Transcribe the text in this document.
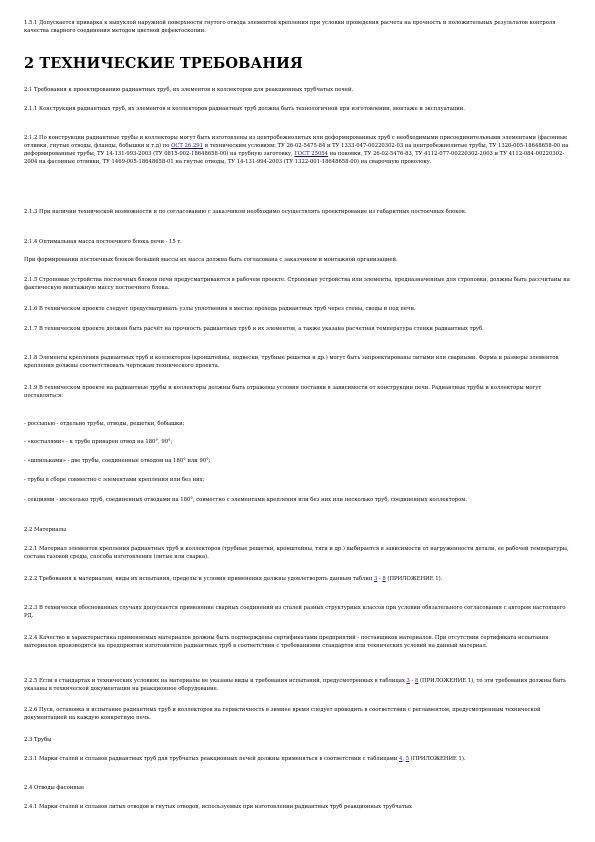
1.5.1 Допускается приварка к выпуклой наружной поверхности гнутого отвода элементов крепления при условии проведения расчета на прочность и положительных результатов контроля качества сварного соединения методом цветной дефектоскопии.

2 ТЕХНИЧЕСКИЕ ТРЕБОВАНИЯ

2.1 Требования к проектированию радиантных труб, их элементов и коллекторов для реакционных трубчатых печей.

2.1.1 Конструкция радиантных труб, их элементов и коллекторов радиантных труб должна быть технологичной при изготовлении, монтаже и эксплуатации.

2.1.2 По конструкции радиантные трубы и коллекторы могут быть изготовлены из центробежнолитых или деформированных труб с необходимыми присоединительными элементами (фасонные отливки, гнутые отводы, фланцы, бобышки и т.д) по ОСТ 26.291 и техническим условиям: ТУ 26-02-5475-84 и ТУ 1333-047-00220302-03 на центробежнолитые трубы, ТУ 1320-005-18648658-00 на деформированные трубы, ТУ 14-131-993-2003 (ТУ 0815-002-18648658-00) на трубную заготовку, ГОСТ 25054 на поковки, ТУ 26-02-5476-83, ТУ 4112-077-00220302-2003 и ТУ 4112-084-00220302-2004 на фасонные отливки, ТУ 1469-005-18648658-01 на гнутые отводы, ТУ 14-131-994-2003 (ТУ 1322-001-18648658-00) на сварочную проволоку.

2.1.3 При наличии технической возможности и по согласованию с заказчиком необходимо осуществлять проектирование из габаритных постоечных блоков.

2.1.4 Оптимальная масса постоечного блока печи - 15 т.

При формировании постоечных блоков большей массы их масса должна быть согласована с заказчиком и монтажной организацией.

2.1.5 Строповые устройства постоечных блоков печи предусматриваются в рабочем проекте. Строповые устройства или элементы, предназначенные для строповки, должны быть рассчитаны на фактическую монтажную массу постоечного блока.

2.1.6 В техническом проекте следует предусматривать узлы уплотнения в местах прохода радиантных труб через стены, своды и под печи.

2.1.7 В техническом проекте должен быть расчёт на прочность радиантных труб и их элементов, а также указана расчетная температура стенки радиантных труб.

2.1.8 Элементы крепления радиантных труб и коллекторов (кронштейны, подвески, трубные решетки и др.) могут быть запроектированы литыми или сварными. Форма и размеры элементов крепления должны соответствовать чертежам технического проекта.

2.1.9 В техническом проекте на радиантные трубы и коллекторы должны быть отражены условия поставки в зависимости от конструкции печи. Радиантные трубы и коллекторы могут поставляться:

- россыпью - отдельно трубы, отводы, решетки, бобышки;

- «костылями» - к трубе приварен отвод на 180°, 90°;

- «шпильками» - две трубы, соединенные отводом на 180° или 90°;

- трубы в сборе совместно с элементами крепления или без них;

- секциями - несколько труб, соединенных отводами на 180°, совместно с элементами крепления или без них или несколько труб, соединенных коллектором.

2.2 Материалы

2.2.1 Материал элементов крепления радиантных труб и коллекторов (трубные решетки, кронштейны, тяги и др.) выбирается в зависимости от нагруженности детали, ее рабочей температуры, состава газовой среды, способа изготовления (литые или сварка).

2.2.2 Требования к материалам, виды их испытания, пределы и условия применения должны удовлетворять данным таблиц 3 - 8 (ПРИЛОЖЕНИЕ 1).

2.2.3 В технически обоснованных случаях допускается применение сварных соединений из сталей разных структурных классов при условии обязательного согласования с автором настоящего РД.

2.2.4 Качество и характеристика применяемых материалов должны быть подтверждены сертификатами предприятий - поставщиков материалов. При отсутствии сертификата испытания материалов производятся на предприятии изготовителе радиантных труб в соответствии с требованиями стандартов или технических условий на данный материал.

2.2.5 Если в стандартах и технических условиях на материалы не указаны виды и требования испытаний, предусмотренных в таблицах 3 - 8 (ПРИЛОЖЕНИЕ 1), то эти требования должны быть указаны в технической документации на реакционное оборудование.

2.2.6 Пуск, остановка и испытание радиантных труб и коллекторов на герметичность в зимнее время следует проводить в соответствии с регламентом, предусмотренным технической документацией на каждую конкретную печь.

2.3 Трубы

2.3.1 Марки сталей и сплавов радиантных труб для трубчатых реакционных печей должны применяться в соответствии с таблицами 4, 5 (ПРИЛОЖЕНИЕ 1).

2.4 Отводы фасонные

2.4.1 Марки сталей и сплавов литых отводов и гнутых отводов, используемых при изготовлении радиантных труб реакционных трубчатых
